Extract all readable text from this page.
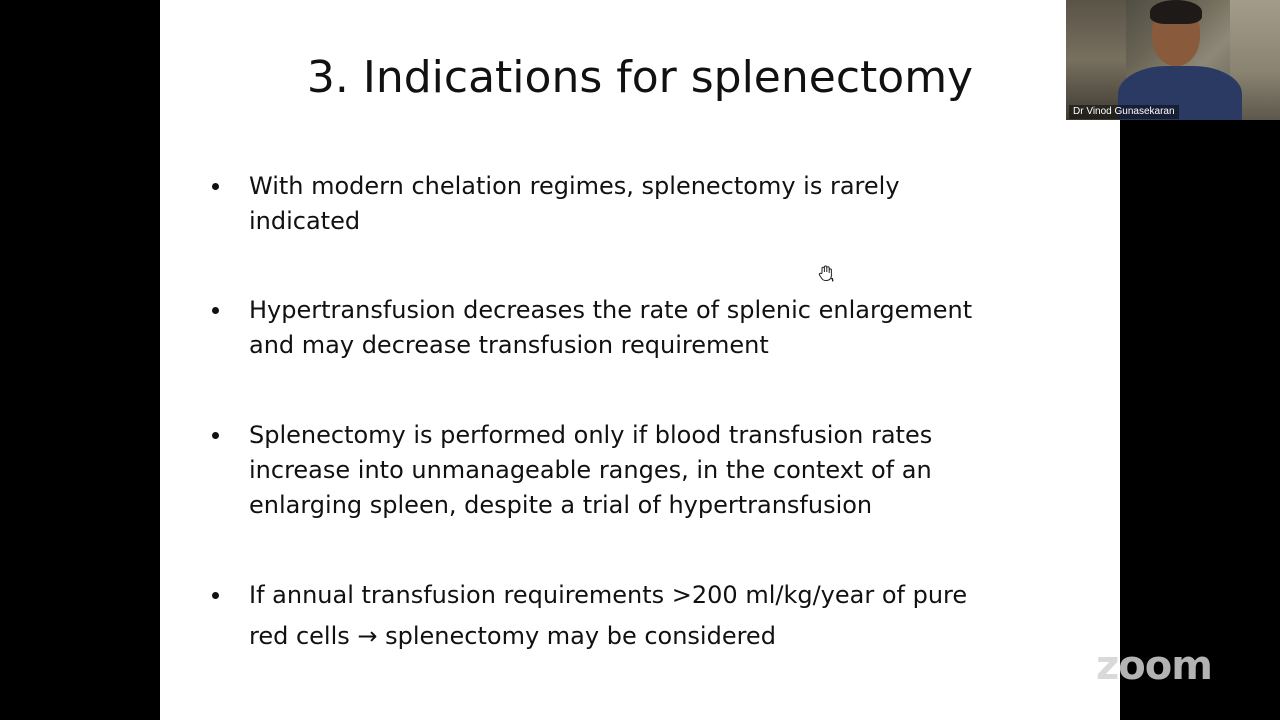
3. Indications for splenectomy
With modern chelation regimes, splenectomy is rarely
indicated
Hypertransfusion decreases the rate of splenic enlargement
and may decrease transfusion requirement
Splenectomy is performed only if blood transfusion rates
increase into unmanageable ranges, in the context of an
enlarging spleen, despite a trial of hypertransfusion
If annual transfusion requirements >200 ml/kg/year of pure
red cells → splenectomy may be considered
Dr Vinod Gunasekaran
zoom
